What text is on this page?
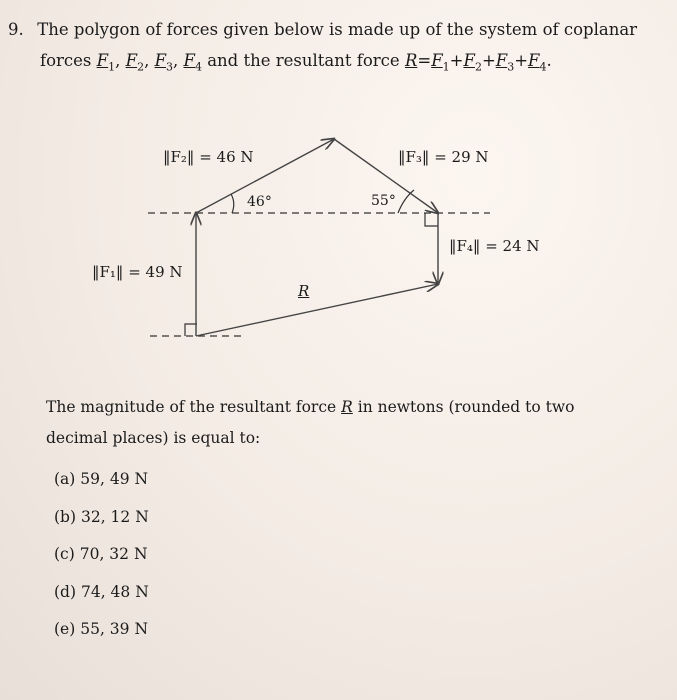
9. The polygon of forces given below is made up of the system of coplanar
forces $F_1$, $F_2$, $F_3$, $F_4$ and the resultant force $R=F_1+F_2+F_3+F_4$.
‖F₂‖ = 46 N	‖F₃‖ = 29 N
46°	55°
‖F₄‖ = 24 N
‖F₁‖ = 49 N
R
The magnitude of the resultant force R in newtons (rounded to two decimal places) is equal to:
(a) 59, 49 N
(b) 32, 12 N
(c) 70, 32 N
(d) 74, 48 N
(e) 55, 39 N
